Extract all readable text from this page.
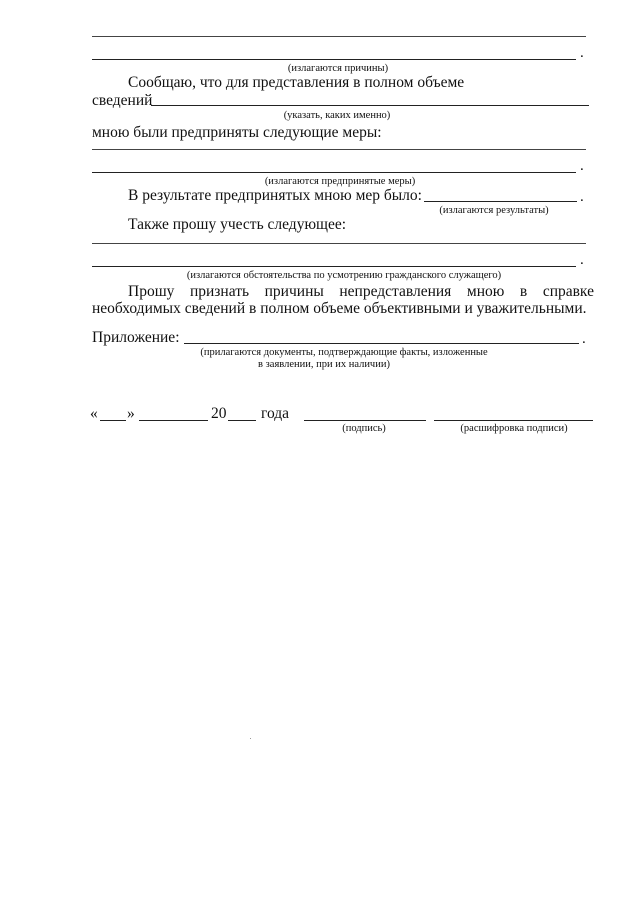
.
(излагаются причины)
Сообщаю, что для представления в полном объеме
сведений
(указать, каких именно)
мною были предприняты следующие меры:
.
(излагаются предпринятые меры)
В результате предпринятых мною мер было:	.
(излагаются результаты)
Также прошу учесть следующее:
.
(излагаются обстоятельства по усмотрению гражданского служащего)
Прошу признать причины непредставления мною в справке
необходимых сведений в полном объеме объективными и уважительными.
Приложение:	.
(прилагаются документы, подтверждающие факты, изложенные
в заявлении, при их наличии)
« »	20 года
(подпись)	(расшифровка подписи)
